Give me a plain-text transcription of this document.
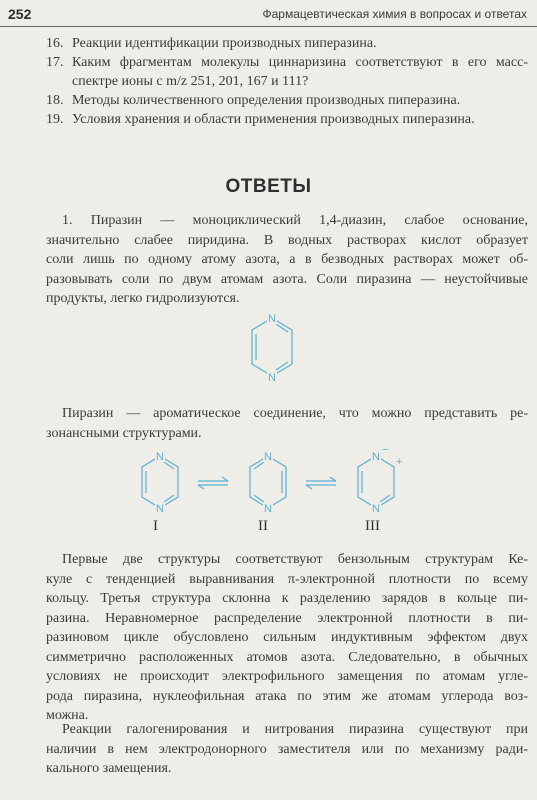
252	Фармацевтическая химия в вопросах и ответах
16. Реакции идентификации производных пиперазина.
17. Каким фрагментам молекулы циннаризина соответствуют в его масс-спектре ионы с m/z 251, 201, 167 и 111?
18. Методы количественного определения производных пиперазина.
19. Условия хранения и области применения производных пиперазина.
ОТВЕТЫ
1. Пиразин — моноциклический 1,4-диазин, слабое основание,
значительно слабее пиридина. В водных растворах кислот образует
соли лишь по одному атому азота, а в безводных растворах может об-
разовывать соли по двум атомам азота. Соли пиразина — неустойчивые
продукты, легко гидролизуются.
N
N
Пиразин — ароматическое соединение, что можно представить ре-
зонансными структурами.
N
N
N
N
N
N
−
+
I	II	III
Первые две структуры соответствуют бензольным структурам Ке-
куле с тенденцией выравнивания π-электронной плотности по всему
кольцу. Третья структура склонна к разделению зарядов в кольце пи-
разина. Неравномерное распределение электронной плотности в пи-
разиновом цикле обусловлено сильным индуктивным эффектом двух
симметрично расположенных атомов азота. Следовательно, в обычных
условиях не происходит электрофильного замещения по атомам угле-
рода пиразина, нуклеофильная атака по этим же атомам углерода воз-
можна.
Реакции галогенирования и нитрования пиразина существуют при
наличии в нем электродонорного заместителя или по механизму ради-
кального замещения.
